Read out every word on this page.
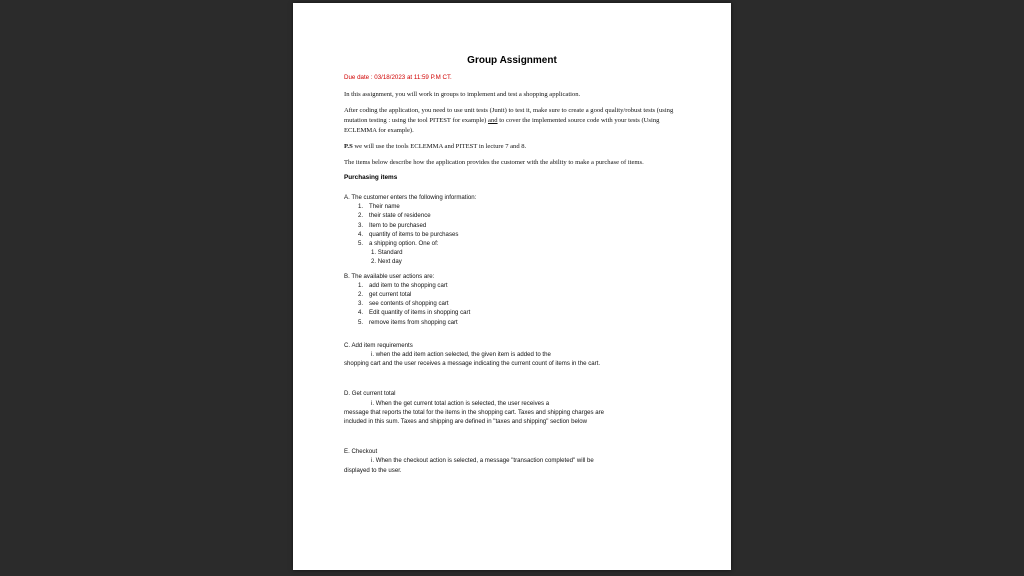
Group Assignment
Due date : 03/18/2023 at 11:59 P.M CT.

In this assignment, you will work in groups to implement and test a shopping application.

After coding the application, you need to use unit tests (Junit) to test it, make sure to create a good quality/robust tests (using mutation testing : using the tool PITEST for example) and to cover the implemented source code with your tests (Using ECLEMMA for example).

P.S we will use the tools ECLEMMA and PITEST in lecture 7 and 8.

The items below describe how the application provides the customer with the ability to make a purchase of items.

Purchasing items
A. The customer enters the following information:
1. Their name
2. their state of residence
3. Item to be purchased
4. quantity of items to be purchases
5. a shipping option. One of:
1. Standard
2. Next day
B. The available user actions are:
1. add item to the shopping cart
2. get current total
3. see contents of shopping cart
4. Edit quantity of items in shopping cart
5. remove items from shopping cart
C. Add item requirements
i. when the add item action selected, the given item is added to the
shopping cart and the user receives a message indicating the current count of items in the cart.
D. Get current total
i. When the get current total action is selected, the user receives a
message that reports the total for the items in the shopping cart. Taxes and shipping charges are included in this sum. Taxes and shipping are defined in "taxes and shipping" section below
E. Checkout
i. When the checkout action is selected, a message "transaction completed" will be
displayed to the user.
